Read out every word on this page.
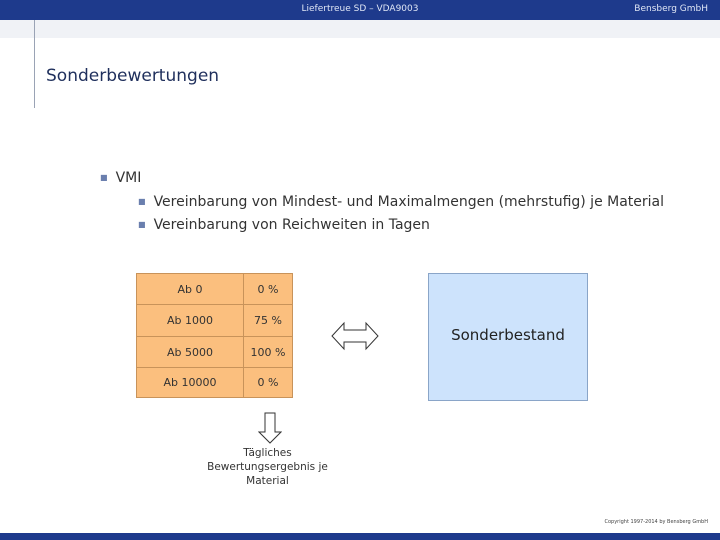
Liefertreue SD – VDA9003	Bensberg GmbH
Sonderbewertungen
■ VMI
■ Vereinbarung von Mindest- und Maximalmengen (mehrstufig) je Material
■ Vereinbarung von Reichweiten in Tagen
Ab 0	0 %
Ab 1000	75 %
Ab 5000	100 %
Ab 10000	0 %
Sonderbestand
Tägliches
Bewertungsergebnis je
Material
Copyright 1997-2014 by Bensberg GmbH
